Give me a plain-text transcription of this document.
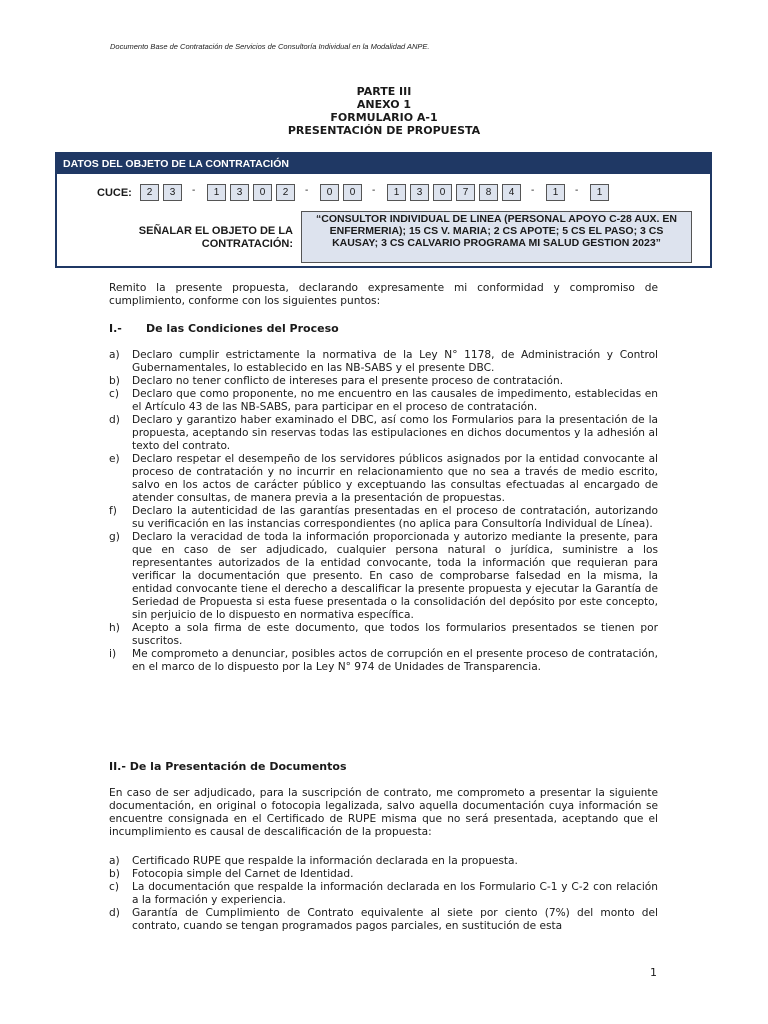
Documento Base de Contratación de Servicios de Consultoría Individual en la Modalidad ANPE.
PARTE III
ANEXO 1
FORMULARIO A-1
PRESENTACIÓN DE PROPUESTA
DATOS DEL OBJETO DE LA CONTRATACIÓN
CUCE:	2	3	-	1	3	0	2	-	0	0	-	1	3	0	7	8	4	-	1	-	1
SEÑALAR EL OBJETO DE LA CONTRATACIÓN:
“CONSULTOR INDIVIDUAL DE LINEA (PERSONAL APOYO C-28 AUX. EN ENFERMERIA); 15 CS V. MARIA; 2 CS APOTE; 5 CS EL PASO; 3 CS KAUSAY; 3 CS CALVARIO PROGRAMA MI SALUD GESTION 2023”
Remito la presente propuesta, declarando expresamente mi conformidad y compromiso de cumplimiento, conforme con los siguientes puntos:
I.- De las Condiciones del Proceso
a)	Declaro cumplir estrictamente la normativa de la Ley N° 1178, de Administración y Control Gubernamentales, lo establecido en las NB-SABS y el presente DBC.
b)	Declaro no tener conflicto de intereses para el presente proceso de contratación.
c)	Declaro que como proponente, no me encuentro en las causales de impedimento, establecidas en el Artículo 43 de las NB-SABS, para participar en el proceso de contratación.
d)	Declaro y garantizo haber examinado el DBC, así como los Formularios para la presentación de la propuesta, aceptando sin reservas todas las estipulaciones en dichos documentos y la adhesión al texto del contrato.
e)	Declaro respetar el desempeño de los servidores públicos asignados por la entidad convocante al proceso de contratación y no incurrir en relacionamiento que no sea a través de medio escrito, salvo en los actos de carácter público y exceptuando las consultas efectuadas al encargado de atender consultas, de manera previa a la presentación de propuestas.
f)	Declaro la autenticidad de las garantías presentadas en el proceso de contratación, autorizando su verificación en las instancias correspondientes (no aplica para Consultoría Individual de Línea).
g)	Declaro la veracidad de toda la información proporcionada y autorizo mediante la presente, para que en caso de ser adjudicado, cualquier persona natural o jurídica, suministre a los representantes autorizados de la entidad convocante, toda la información que requieran para verificar la documentación que presento. En caso de comprobarse falsedad en la misma, la entidad convocante tiene el derecho a descalificar la presente propuesta y ejecutar la Garantía de Seriedad de Propuesta si esta fuese presentada o la consolidación del depósito por este concepto, sin perjuicio de lo dispuesto en normativa específica.
h)	Acepto a sola firma de este documento, que todos los formularios presentados se tienen por suscritos.
i)	Me comprometo a denunciar, posibles actos de corrupción en el presente proceso de contratación, en el marco de lo dispuesto por la Ley N° 974 de Unidades de Transparencia.
II.- De la Presentación de Documentos
En caso de ser adjudicado, para la suscripción de contrato, me comprometo a presentar la siguiente documentación, en original o fotocopia legalizada, salvo aquella documentación cuya información se encuentre consignada en el Certificado de RUPE misma que no será presentada, aceptando que el incumplimiento es causal de descalificación de la propuesta:
a)	Certificado RUPE que respalde la información declarada en la propuesta.
b)	Fotocopia simple del Carnet de Identidad.
c)	La documentación que respalde la información declarada en los Formulario C-1 y C-2 con relación a la formación y experiencia.
d)	Garantía de Cumplimiento de Contrato equivalente al siete por ciento (7%) del monto del contrato, cuando se tengan programados pagos parciales, en sustitución de esta
1
